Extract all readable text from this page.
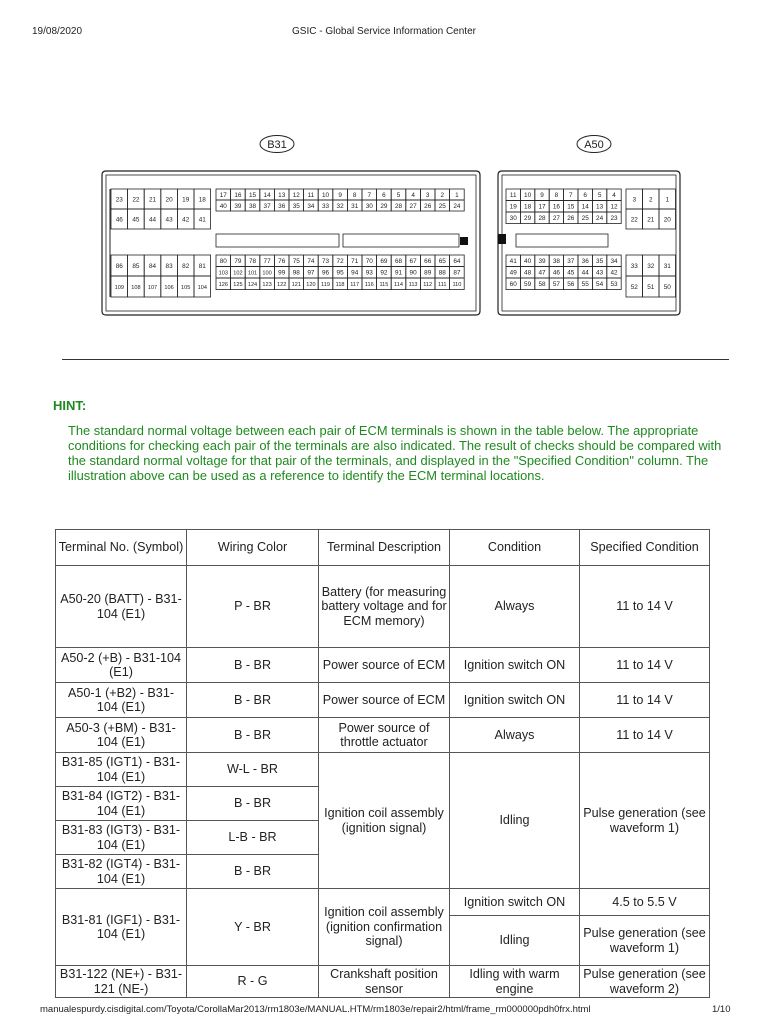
19/08/2020	GSIC - Global Service Information Center
B31
23 22 21 20 19 18
46 45 44 43 42 41
17 16 15 14 13 12 11 10 9 8 7 6 5 4 3 2 1
40 39 38 37 36 35 34 33 32 31 30 29 28 27 26 25 24
86 85 84 83 82 81
109 108 107 106 105 104
80 79 78 77 76 75 74 73 72 71 70 69 68 67 66 65 64
103 102 101 100 99 98 97 96 95 94 93 92 91 90 89 88 87
126 125 124 123 122 121 120 119 118 117 116 115 114 113 112 111 110
A50
11 10 9 8 7 6 5 4
19 18 17 16 15 14 13 12
30 29 28 27 26 25 24 23
3 2 1
22 21 20
41 40 39 38 37 36 35 34
49 48 47 46 45 44 43 42
60 59 58 57 56 55 54 53
33 32 31
52 51 50
HINT:
The standard normal voltage between each pair of ECM terminals is shown in the table below. The appropriate conditions for checking each pair of the terminals are also indicated. The result of checks should be compared with the standard normal voltage for that pair of the terminals, and displayed in the "Specified Condition" column. The illustration above can be used as a reference to identify the ECM terminal locations.
Terminal No. (Symbol)	Wiring Color	Terminal Description	Condition	Specified Condition
A50-20 (BATT) - B31-104 (E1)	P - BR	Battery (for measuring battery voltage and for ECM memory)	Always	11 to 14 V
A50-2 (+B) - B31-104 (E1)	B - BR	Power source of ECM	Ignition switch ON	11 to 14 V
A50-1 (+B2) - B31-104 (E1)	B - BR	Power source of ECM	Ignition switch ON	11 to 14 V
A50-3 (+BM) - B31-104 (E1)	B - BR	Power source of throttle actuator	Always	11 to 14 V
B31-85 (IGT1) - B31-104 (E1)	W-L - BR	Ignition coil assembly (ignition signal)	Idling	Pulse generation (see waveform 1)
B31-84 (IGT2) - B31-104 (E1)	B - BR			
B31-83 (IGT3) - B31-104 (E1)	L-B - BR			
B31-82 (IGT4) - B31-104 (E1)	B - BR			
B31-81 (IGF1) - B31-104 (E1)	Y - BR	Ignition coil assembly (ignition confirmation signal)	Ignition switch ON	4.5 to 5.5 V
			Idling	Pulse generation (see waveform 1)
B31-122 (NE+) - B31-121 (NE-)	R - G	Crankshaft position sensor	Idling with warm engine	Pulse generation (see waveform 2)
manualespurdy.cisdigital.com/Toyota/CorollaMar2013/rm1803e/MANUAL.HTM/rm1803e/repair2/html/frame_rm000000pdh0frx.html	1/10
